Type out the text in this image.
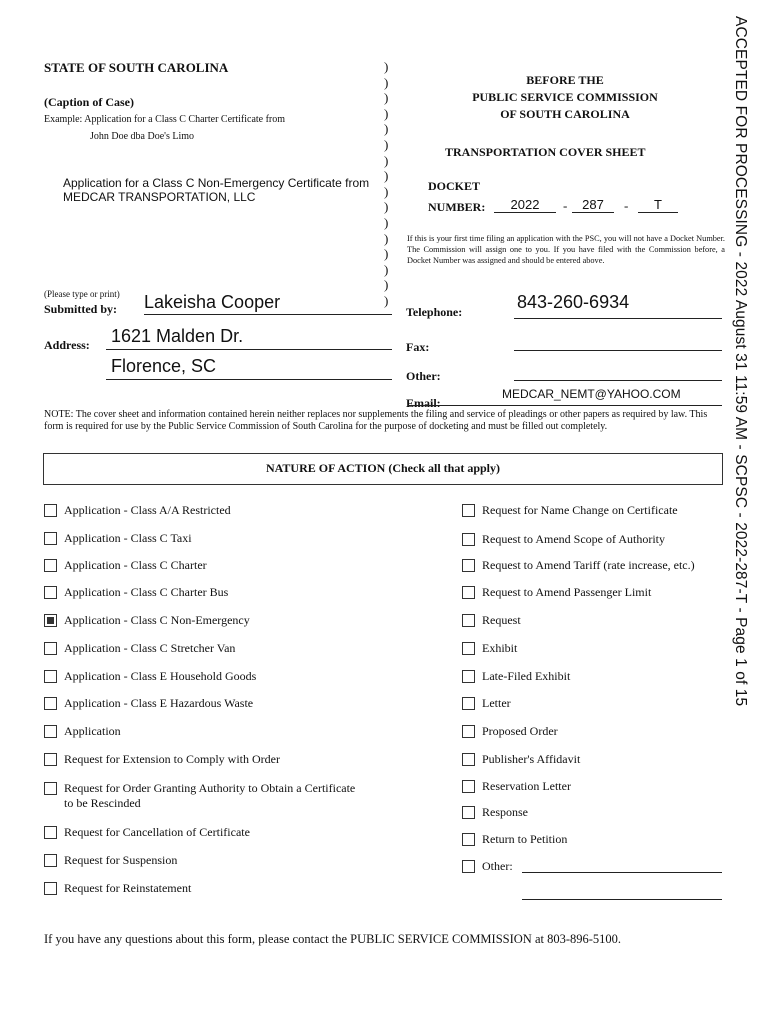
ACCEPTED FOR PROCESSING - 2022 August 31 11:59 AM - SCPSC - 2022-287-T - Page 1 of 15
STATE OF SOUTH CAROLINA
(Caption of Case)
Example: Application for a Class C Charter Certificate from
John Doe dba Doe's Limo
Application for a Class C Non-Emergency Certificate from
MEDCAR TRANSPORTATION, LLC
)
)
)
)
)
)
)
)
)
)
)
)
)
)
)
)
BEFORE THE
PUBLIC SERVICE COMMISSION
OF SOUTH CAROLINA
TRANSPORTATION COVER SHEET
DOCKET
NUMBER:	2022	-	287	-	T
If this is your first time filing an application with the PSC, you will not have a Docket Number. The Commission will assign one to you. If you have filed with the Commission before, a Docket Number was assigned and should be entered above.
(Please type or print)
Submitted by: Lakeisha Cooper
Address: 1621 Malden Dr.
Florence, SC
Telephone:	843-260-6934
Fax:
Other:
Email:
MEDCAR_NEMT@YAHOO.COM
NOTE: The cover sheet and information contained herein neither replaces nor supplements the filing and service of pleadings or other papers as required by law. This form is required for use by the Public Service Commission of South Carolina for the purpose of docketing and must be filled out completely.
NATURE OF ACTION (Check all that apply)
Application - Class A/A Restricted
Application - Class C Taxi
Application - Class C Charter
Application - Class C Charter Bus
Application - Class C Non-Emergency
Application - Class C Stretcher Van
Application - Class E Household Goods
Application - Class E Hazardous Waste
Application
Request for Extension to Comply with Order
Request for Order Granting Authority to Obtain a Certificate
to be Rescinded
Request for Cancellation of Certificate
Request for Suspension
Request for Reinstatement
Request for Name Change on Certificate
Request to Amend Scope of Authority
Request to Amend Tariff (rate increase, etc.)
Request to Amend Passenger Limit
Request
Exhibit
Late-Filed Exhibit
Letter
Proposed Order
Publisher's Affidavit
Reservation Letter
Response
Return to Petition
Other:
If you have any questions about this form, please contact the PUBLIC SERVICE COMMISSION at 803-896-5100.
